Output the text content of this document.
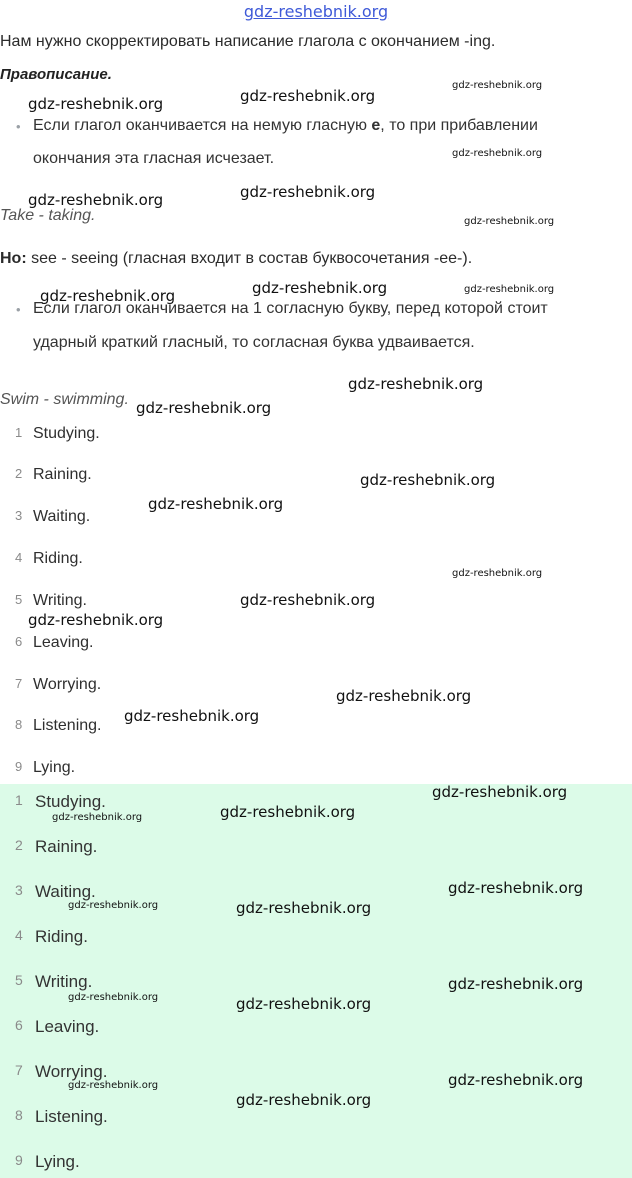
gdz-reshebnik.org
Нам нужно скорректировать написание глагола с окончанием -ing.
Правописание.
• Если глагол оканчивается на немую гласную е, то при прибавлении
окончания эта гласная исчезает.
Take - taking.
Но: see - seeing (гласная входит в состав буквосочетания -ee-).
• Если глагол оканчивается на 1 согласную букву, перед которой стоит
ударный краткий гласный, то согласная буква удваивается.
Swim - swimming.
1 Studying.
2 Raining.
3 Waiting.
4 Riding.
5 Writing.
6 Leaving.
7 Worrying.
8 Listening.
9 Lying.
1 Studying.
2 Raining.
3 Waiting.
4 Riding.
5 Writing.
6 Leaving.
7 Worrying.
8 Listening.
9 Lying.
gdz-reshebnik.org
gdz-reshebnik.org	gdz-reshebnik.org
gdz-reshebnik.org
gdz-reshebnik.org	gdz-reshebnik.org
gdz-reshebnik.org
gdz-reshebnik.org	gdz-reshebnik.org	gdz-reshebnik.org
gdz-reshebnik.org
gdz-reshebnik.org
gdz-reshebnik.org
gdz-reshebnik.org
gdz-reshebnik.org
gdz-reshebnik.org
gdz-reshebnik.org
gdz-reshebnik.org
gdz-reshebnik.org
gdz-reshebnik.org
gdz-reshebnik.org
gdz-reshebnik.org
gdz-reshebnik.org
gdz-reshebnik.org	gdz-reshebnik.org
gdz-reshebnik.org
gdz-reshebnik.org	gdz-reshebnik.org
gdz-reshebnik.org
gdz-reshebnik.org
gdz-reshebnik.org
